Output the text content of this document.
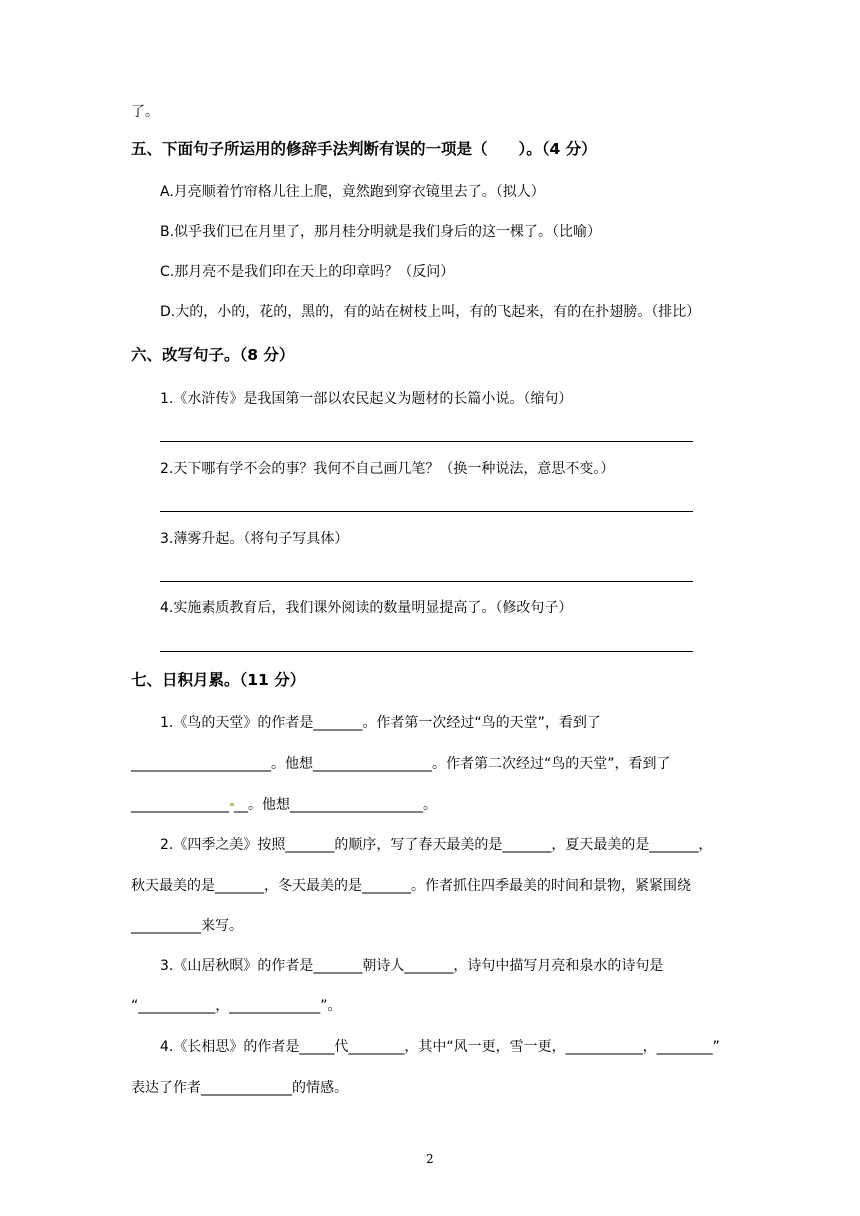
了。
五、下面句子所运用的修辞手法判断有误的一项是（　　）。（4 分）
A.月亮顺着竹帘格儿往上爬，竟然跑到穿衣镜里去了。（拟人）
B.似乎我们已在月里了，那月桂分明就是我们身后的这一棵了。（比喻）
C.那月亮不是我们印在天上的印章吗？（反问）
D.大的，小的，花的，黑的，有的站在树枝上叫，有的飞起来，有的在扑翅膀。（排比）
六、改写句子。（8 分）
1.《水浒传》是我国第一部以农民起义为题材的长篇小说。（缩句）
2.天下哪有学不会的事？我何不自己画几笔？（换一种说法，意思不变。）
3.薄雾升起。（将句子写具体）
4.实施素质教育后，我们课外阅读的数量明显提高了。（修改句子）
七、日积月累。（11 分）
1.《鸟的天堂》的作者是_______。作者第一次经过“鸟的天堂”，看到了
____________________。他想_________________。作者第二次经过“鸟的天堂”，看到了
______________ __。他想___________________。
2.《四季之美》按照_______的顺序，写了春天最美的是_______，夏天最美的是_______，
秋天最美的是_______，冬天最美的是_______。作者抓住四季最美的时间和景物，紧紧围绕
__________来写。
3.《山居秋暝》的作者是_______朝诗人_______，诗句中描写月亮和泉水的诗句是
“___________，_____________”。
4.《长相思》的作者是_____代________，其中“风一更，雪一更，___________，________”
表达了作者_____________的情感。
2
